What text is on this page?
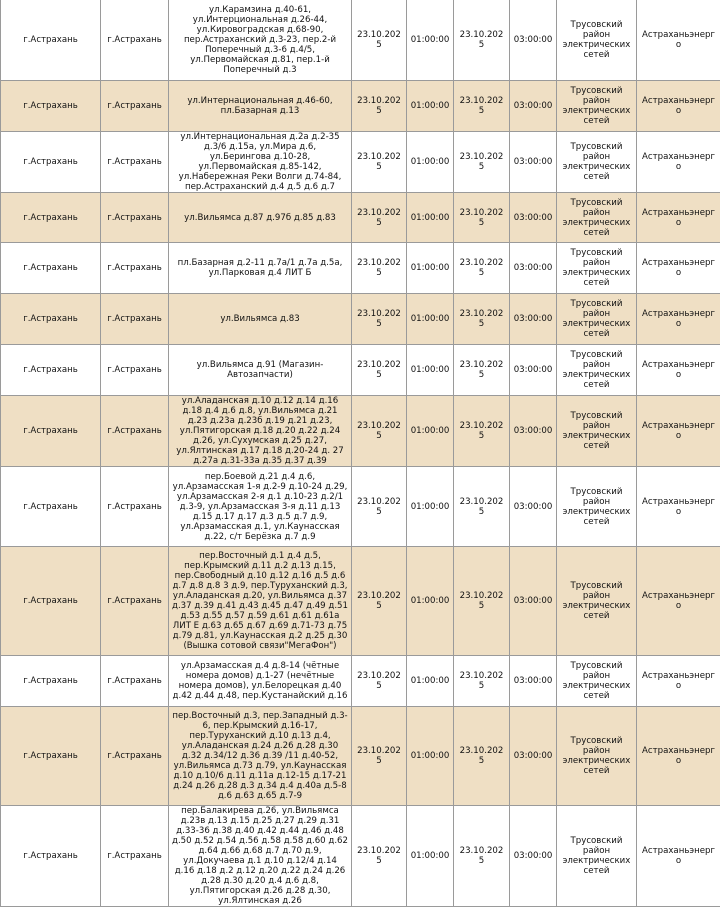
г.Астрахань	г.Астрахань	ул.Карамзина д.40-61, ул.Интерциональная д.26-44, ул.Кировоградская д.68-90, пер.Астраханский д.3-23, пер.2-й Поперечный д.3-6 д.4/5, ул.Первомайская д.81, пер.1-й Поперечный д.3	23.10.2025	01:00:00	23.10.2025	03:00:00	Трусовский район электрических сетей	Астраханьэнерго
г.Астрахань	г.Астрахань	ул.Интернациональная д.46-60, пл.Базарная д.13	23.10.2025	01:00:00	23.10.2025	03:00:00	Трусовский район электрических сетей	Астраханьэнерго
г.Астрахань	г.Астрахань	ул.Интернациональная д.2а д.2-35 д.3/6 д.15а, ул.Мира д.6, ул.Берингова д.10-28, ул.Первомайская д.85-142, ул.Набережная Реки Волги д.74-84, пер.Астраханский д.4 д.5 д.6 д.7	23.10.2025	01:00:00	23.10.2025	03:00:00	Трусовский район электрических сетей	Астраханьэнерго
г.Астрахань	г.Астрахань	ул.Вильямса д.87 д.97б д.85 д.83	23.10.2025	01:00:00	23.10.2025	03:00:00	Трусовский район электрических сетей	Астраханьэнерго
г.Астрахань	г.Астрахань	пл.Базарная д.2-11 д.7а/1 д.7а д.5а, ул.Парковая д.4 ЛИТ Б	23.10.2025	01:00:00	23.10.2025	03:00:00	Трусовский район электрических сетей	Астраханьэнерго
г.Астрахань	г.Астрахань	ул.Вильямса д.83	23.10.2025	01:00:00	23.10.2025	03:00:00	Трусовский район электрических сетей	Астраханьэнерго
г.Астрахань	г.Астрахань	ул.Вильямса д.91 (Магазин-Автозапчасти)	23.10.2025	01:00:00	23.10.2025	03:00:00	Трусовский район электрических сетей	Астраханьэнерго
г.Астрахань	г.Астрахань	ул.Аладанская д.10 д.12 д.14 д.16 д.18 д.4 д.6 д.8, ул.Вильямса д.21 д.23 д.23а д.23б д.19 д.21 д.23, ул.Пятигорская д.18 д.20 д.22 д.24 д.26, ул.Сухумская д.25 д.27, ул.Ялтинская д.17 д.18 д.20-24 д. 27 д.27а д.31-33а д.35 д.37 д.39	23.10.2025	01:00:00	23.10.2025	03:00:00	Трусовский район электрических сетей	Астраханьэнерго
г.Астрахань	г.Астрахань	пер.Боевой д.21 д.4 д.6, ул.Арзамасская 1-я д.2-9 д.10-24 д.29, ул.Арзамасская 2-я д.1 д.10-23 д.2/1 д.3-9, ул.Арзамасская 3-я д.11 д.13 д.15 д.17 д.17 д.3 д.5 д.7 д.9, ул.Арзамасская д.1, ул.Каунасская д.22, с/т Берёзка д.7 д.9	23.10.2025	01:00:00	23.10.2025	03:00:00	Трусовский район электрических сетей	Астраханьэнерго
г.Астрахань	г.Астрахань	пер.Восточный д.1 д.4 д.5, пер.Крымский д.11 д.2 д.13 д.15, пер.Свободный д.10 д.12 д.16 д.5 д.6 д.7 д.8 д.8 3 д.9, пер.Туруханский д.3, ул.Аладанская д.20, ул.Вильямса д.37 д.37 д.39 д.41 д.43 д.45 д.47 д.49 д.51 д.53 д.55 д.57 д.59 д.61 д.61 д.61а ЛИТ Е д.63 д.65 д.67 д.69 д.71-73 д.75 д.79 д.81, ул.Каунасская д.2 д.25 д.30 (Вышка сотовой связи"МегаФон")	23.10.2025	01:00:00	23.10.2025	03:00:00	Трусовский район электрических сетей	Астраханьэнерго
г.Астрахань	г.Астрахань	ул.Арзамасская д.4 д.8-14 (чётные номера домов) д.1-27 (нечётные номера домов), ул.Белорецкая д.40 д.42 д.44 д.48, пер.Кустанайский д.16	23.10.2025	01:00:00	23.10.2025	03:00:00	Трусовский район электрических сетей	Астраханьэнерго
г.Астрахань	г.Астрахань	пер.Восточный д.3, пер.Западный д.3-6, пер.Крымский д.16-17, пер.Туруханский д.10 д.13 д.4, ул.Аладанская д.24 д.26 д.28 д.30 д.32 д.34/12 д.36 д.39 /11 д.40-52, ул.Вильямса д.73 д.79, ул.Каунасская д.10 д.10/6 д.11 д.11а д.12-15 д.17-21 д.24 д.26 д.28 д.3 д.34 д.4 д.40а д.5-8 д.6 д.63 д.65 д.7-9	23.10.2025	01:00:00	23.10.2025	03:00:00	Трусовский район электрических сетей	Астраханьэнерго
г.Астрахань	г.Астрахань	пер.Балакирева д.26, ул.Вильямса д.23в д.13 д.15 д.25 д.27 д.29 д.31 д.33-36 д.38 д.40 д.42 д.44 д.46 д.48 д.50 д.52 д.54 д.56 д.58 д.58 д.60 д.62 д.64 д.66 д.68 д.7 д.70 д.9, ул.Докучаева д.1 д.10 д.12/4 д.14 д.16 д.18 д.2 д.12 д.20 д.22 д.24 д.26 д.28 д.30 д.20 д.4 д.6 д.8, ул.Пятигорская д.26 д.28 д.30, ул.Ялтинская д.26	23.10.2025	01:00:00	23.10.2025	03:00:00	Трусовский район электрических сетей	Астраханьэнерго
